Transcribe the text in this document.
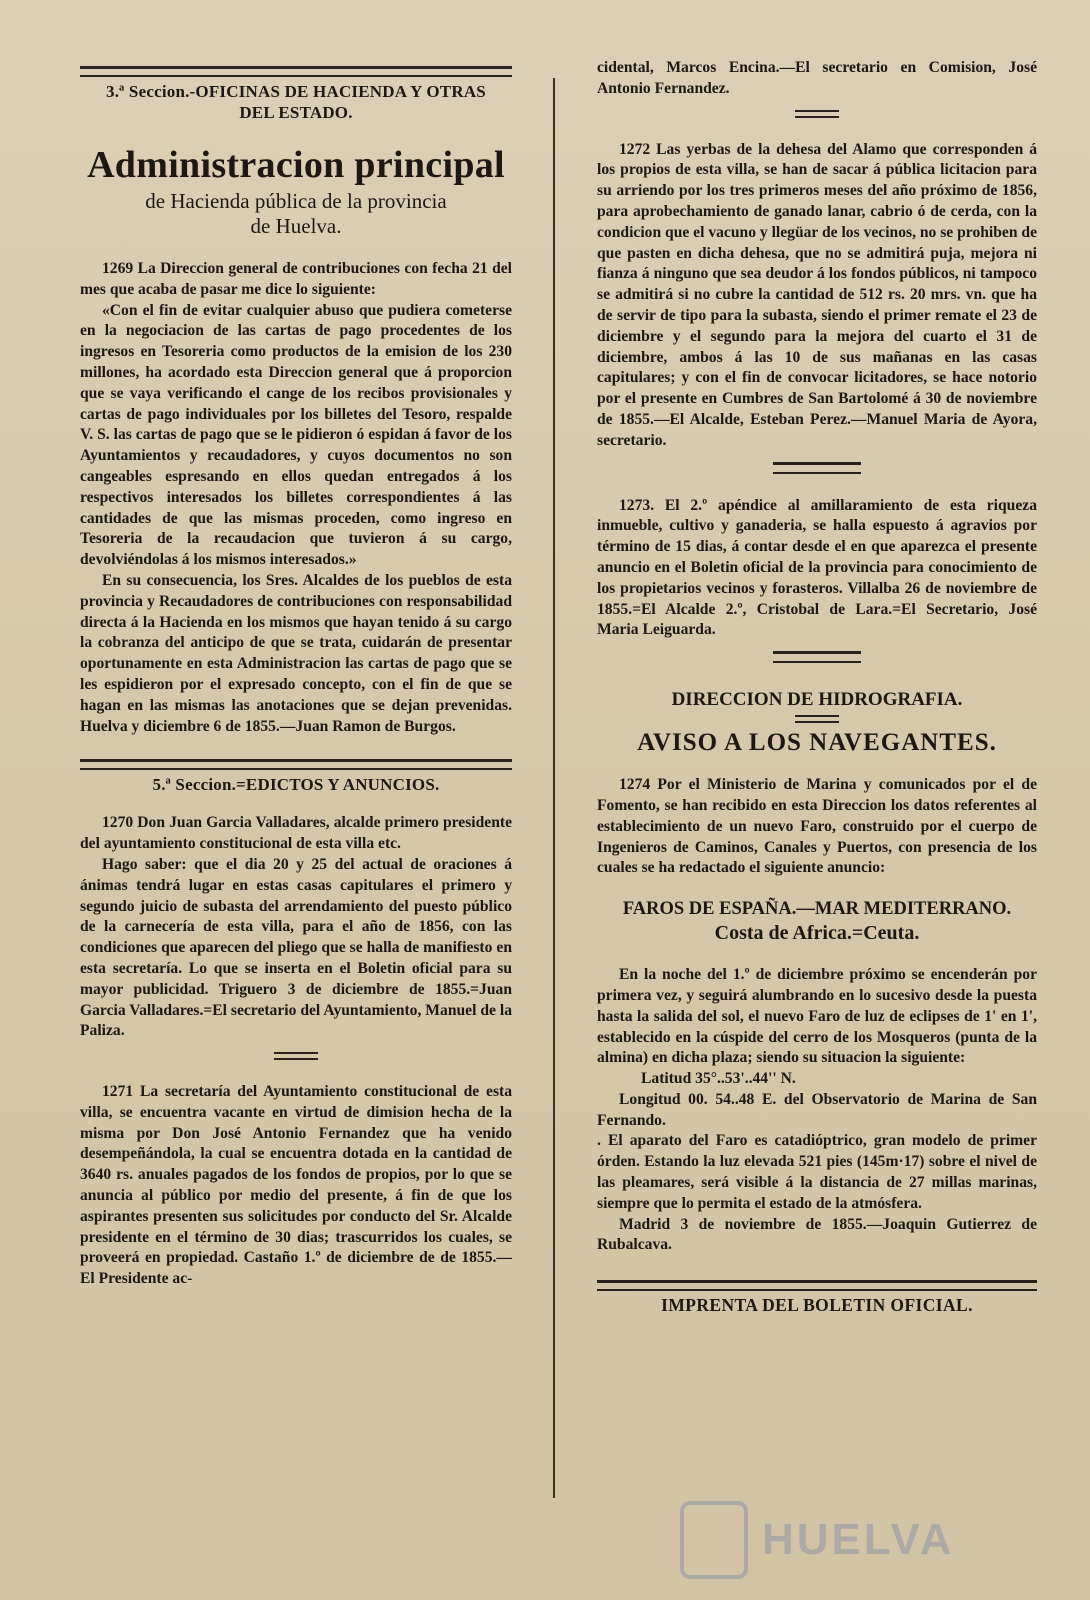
3.ª Seccion.-OFICINAS DE HACIENDA Y OTRAS
DEL ESTADO.
Administracion principal
de Hacienda pública de la provincia
de Huelva.

1269 La Direccion general de contribuciones con fecha 21 del mes que acaba de pasar me dice lo siguiente:

«Con el fin de evitar cualquier abuso que pudiera cometerse en la negociacion de las cartas de pago procedentes de los ingresos en Tesoreria como productos de la emision de los 230 millones, ha acordado esta Direccion general que á proporcion que se vaya verificando el cange de los recibos provisionales y cartas de pago individuales por los billetes del Tesoro, respalde V. S. las cartas de pago que se le pidieron ó espidan á favor de los Ayuntamientos y recaudadores, y cuyos documentos no son cangeables espresando en ellos quedan entregados á los respectivos interesados los billetes correspondientes á las cantidades de que las mismas proceden, como ingreso en Tesoreria de la recaudacion que tuvieron á su cargo, devolviéndolas á los mismos interesados.»

En su consecuencia, los Sres. Alcaldes de los pueblos de esta provincia y Recaudadores de contribuciones con responsabilidad directa á la Hacienda en los mismos que hayan tenido á su cargo la cobranza del anticipo de que se trata, cuidarán de presentar oportunamente en esta Administracion las cartas de pago que se les espidieron por el expresado concepto, con el fin de que se hagan en las mismas las anotaciones que se dejan prevenidas. Huelva y diciembre 6 de 1855.—Juan Ramon de Burgos.

5.ª Seccion.=EDICTOS Y ANUNCIOS.

1270 Don Juan Garcia Valladares, alcalde primero presidente del ayuntamiento constitucional de esta villa etc.

Hago saber: que el dia 20 y 25 del actual de oraciones á ánimas tendrá lugar en estas casas capitulares el primero y segundo juicio de subasta del arrendamiento del puesto público de la carnecería de esta villa, para el año de 1856, con las condiciones que aparecen del pliego que se halla de manifiesto en esta secretaría. Lo que se inserta en el Boletin oficial para su mayor publicidad. Triguero 3 de diciembre de 1855.=Juan Garcia Valladares.=El secretario del Ayuntamiento, Manuel de la Paliza.

1271 La secretaría del Ayuntamiento constitucional de esta villa, se encuentra vacante en virtud de dimision hecha de la misma por Don José Antonio Fernandez que ha venido desempeñándola, la cual se encuentra dotada en la cantidad de 3640 rs. anuales pagados de los fondos de propios, por lo que se anuncia al público por medio del presente, á fin de que los aspirantes presenten sus solicitudes por conducto del Sr. Alcalde presidente en el término de 30 dias; trascurridos los cuales, se proveerá en propiedad. Castaño 1.º de diciembre de de 1855.—El Presidente ac-

cidental, Marcos Encina.—El secretario en Comision, José Antonio Fernandez.

1272 Las yerbas de la dehesa del Alamo que corresponden á los propios de esta villa, se han de sacar á pública licitacion para su arriendo por los tres primeros meses del año próximo de 1856, para aprobechamiento de ganado lanar, cabrio ó de cerda, con la condicion que el vacuno y llegüar de los vecinos, no se prohiben de que pasten en dicha dehesa, que no se admitirá puja, mejora ni fianza á ninguno que sea deudor á los fondos públicos, ni tampoco se admitirá si no cubre la cantidad de 512 rs. 20 mrs. vn. que ha de servir de tipo para la subasta, siendo el primer remate el 23 de diciembre y el segundo para la mejora del cuarto el 31 de diciembre, ambos á las 10 de sus mañanas en las casas capitulares; y con el fin de convocar licitadores, se hace notorio por el presente en Cumbres de San Bartolomé á 30 de noviembre de 1855.—El Alcalde, Esteban Perez.—Manuel Maria de Ayora, secretario.

1273. El 2.º apéndice al amillaramiento de esta riqueza inmueble, cultivo y ganaderia, se halla espuesto á agravios por término de 15 dias, á contar desde el en que aparezca el presente anuncio en el Boletin oficial de la provincia para conocimiento de los propietarios vecinos y forasteros. Villalba 26 de noviembre de 1855.=El Alcalde 2.º, Cristobal de Lara.=El Secretario, José Maria Leiguarda.

DIRECCION DE HIDROGRAFIA.
AVISO A LOS NAVEGANTES.

1274 Por el Ministerio de Marina y comunicados por el de Fomento, se han recibido en esta Direccion los datos referentes al establecimiento de un nuevo Faro, construido por el cuerpo de Ingenieros de Caminos, Canales y Puertos, con presencia de los cuales se ha redactado el siguiente anuncio:

FAROS DE ESPAÑA.—MAR MEDITERRANO.
Costa de Africa.=Ceuta.

En la noche del 1.º de diciembre próximo se encenderán por primera vez, y seguirá alumbrando en lo sucesivo desde la puesta hasta la salida del sol, el nuevo Faro de luz de eclipses de 1' en 1', establecido en la cúspide del cerro de los Mosqueros (punta de la almina) en dicha plaza; siendo su situacion la siguiente:

Latitud 35°..53'..44'' N.

Longitud 00. 54..48 E. del Observatorio de Marina de San Fernando.

. El aparato del Faro es catadióptrico, gran modelo de primer órden. Estando la luz elevada 521 pies (145m·17) sobre el nivel de las pleamares, será visible á la distancia de 27 millas marinas, siempre que lo permita el estado de la atmósfera.

Madrid 3 de noviembre de 1855.—Joaquin Gutierrez de Rubalcava.

IMPRENTA DEL BOLETIN OFICIAL.
HUELVA
